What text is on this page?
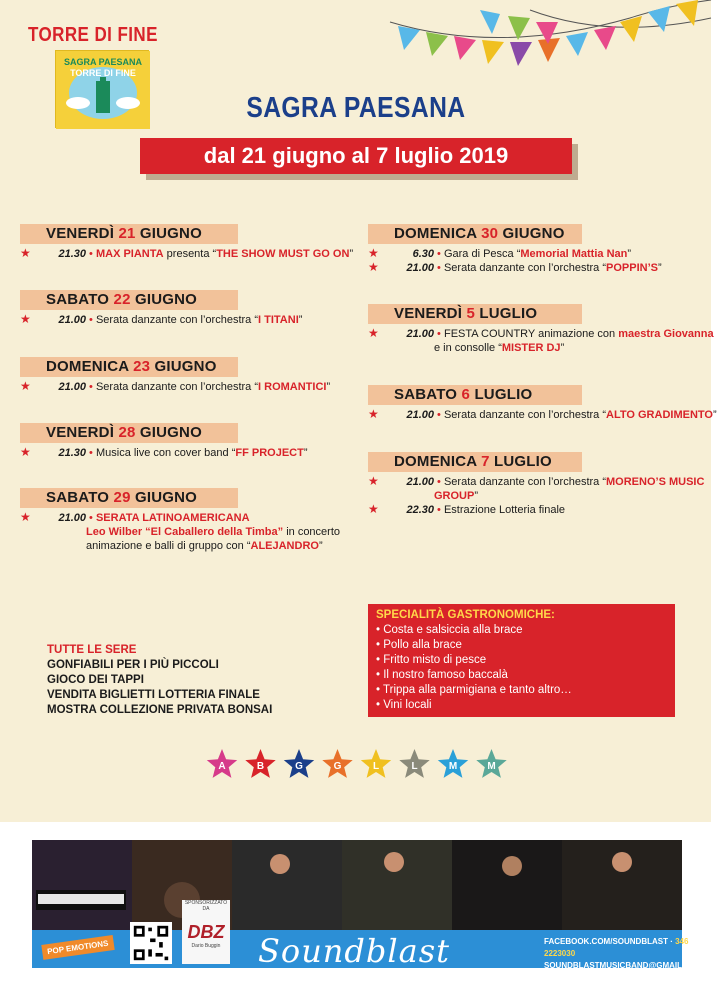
TORRE DI FINE
SAGRA PAESANA
TORRE DI FINE
SAGRA PAESANA
dal 21 giugno al 7 luglio 2019
VENERDÌ 21 GIUGNO
★	21.30 • MAX PIANTA presenta “THE SHOW MUST GO ON”
SABATO 22 GIUGNO
★	21.00 • Serata danzante con l’orchestra “I TITANI”
DOMENICA 23 GIUGNO
★	21.00 • Serata danzante con l’orchestra “I ROMANTICI”
VENERDÌ 28 GIUGNO
★	21.30 • Musica live con cover band “FF PROJECT”
SABATO 29 GIUGNO
★	21.00 • SERATA LATINOAMERICANA
Leo Wilber “El Caballero della Timba” in concerto
animazione e balli di gruppo con “ALEJANDRO”
DOMENICA 30 GIUGNO
★	6.30 • Gara di Pesca “Memorial Mattia Nan”
★	21.00 • Serata danzante con l’orchestra “POPPIN’S”
VENERDÌ 5 LUGLIO
★	21.00 • FESTA COUNTRY animazione con maestra Giovanna
e in consolle “MISTER DJ”
SABATO 6 LUGLIO
★	21.00 • Serata danzante con l’orchestra “ALTO GRADIMENTO”
DOMENICA 7 LUGLIO
★	21.00 • Serata danzante con l’orchestra “MORENO’S MUSIC
GROUP”
★	22.30 • Estrazione Lotteria finale
TUTTE LE SERE
GONFIABILI PER I PIÙ PICCOLI
GIOCO DEI TAPPI
VENDITA BIGLIETTI LOTTERIA FINALE
MOSTRA COLLEZIONE PRIVATA BONSAI
SPECIALITÀ GASTRONOMICHE:
• Costa e salsiccia alla brace
• Pollo alla brace
• Fritto misto di pesce
• Il nostro famoso baccalà
• Trippa alla parmigiana e tanto altro…
• Vini locali
A	B	G	G	L	L	M	M
POP EMOTIONS
SPONSORIZZATO DA
DBZ
Dario Buggin Soundblast	FACEBOOK.COM/SOUNDBLAST · 346 2223030
SOUNDBLASTMUSICBAND@GMAIL.COM
